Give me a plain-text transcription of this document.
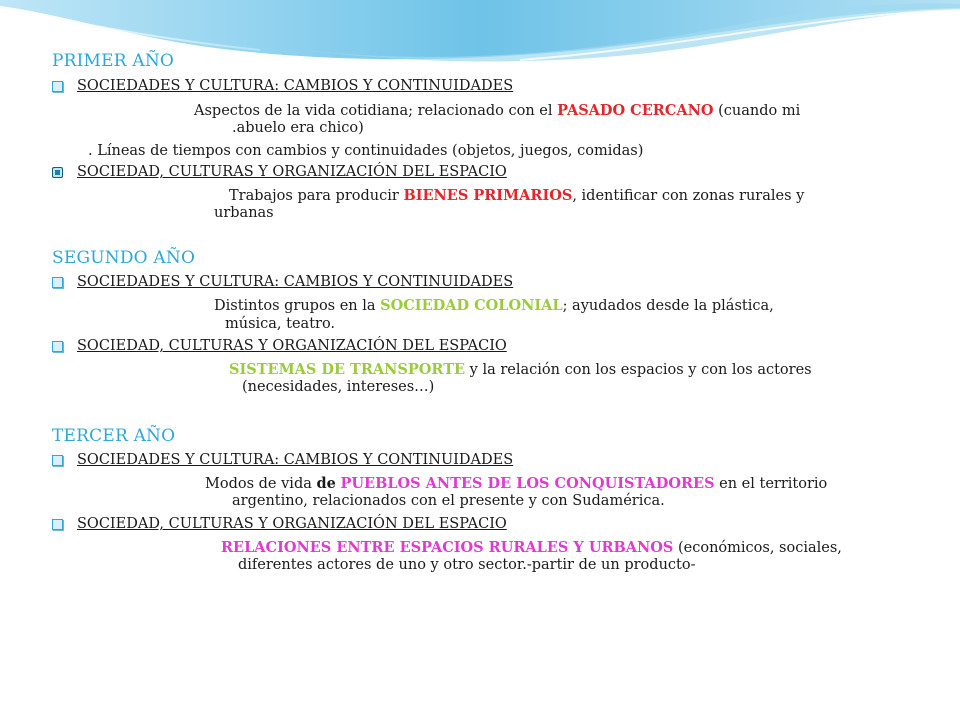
PRIMER AÑO
SOCIEDADES Y CULTURA: CAMBIOS Y CONTINUIDADES
Aspectos de la vida cotidiana; relacionado con el PASADO CERCANO (cuando mi
.abuelo era chico)
. Líneas de tiempos con cambios y continuidades (objetos, juegos, comidas)
SOCIEDAD, CULTURAS Y ORGANIZACIÓN DEL ESPACIO
Trabajos para producir BIENES PRIMARIOS, identificar con zonas rurales y
urbanas
SEGUNDO AÑO
SOCIEDADES Y CULTURA: CAMBIOS Y CONTINUIDADES
Distintos grupos en la SOCIEDAD COLONIAL; ayudados desde la plástica,
música, teatro.
SOCIEDAD, CULTURAS Y ORGANIZACIÓN DEL ESPACIO
SISTEMAS DE TRANSPORTE y la relación con los espacios y con los actores
(necesidades, intereses…)
TERCER AÑO
SOCIEDADES Y CULTURA: CAMBIOS Y CONTINUIDADES
Modos de vida de PUEBLOS ANTES DE LOS CONQUISTADORES en el territorio
argentino, relacionados con el presente y con Sudamérica.
SOCIEDAD, CULTURAS Y ORGANIZACIÓN DEL ESPACIO
RELACIONES ENTRE ESPACIOS RURALES Y URBANOS (económicos, sociales,
diferentes actores de uno y otro sector.-partir de un producto-
